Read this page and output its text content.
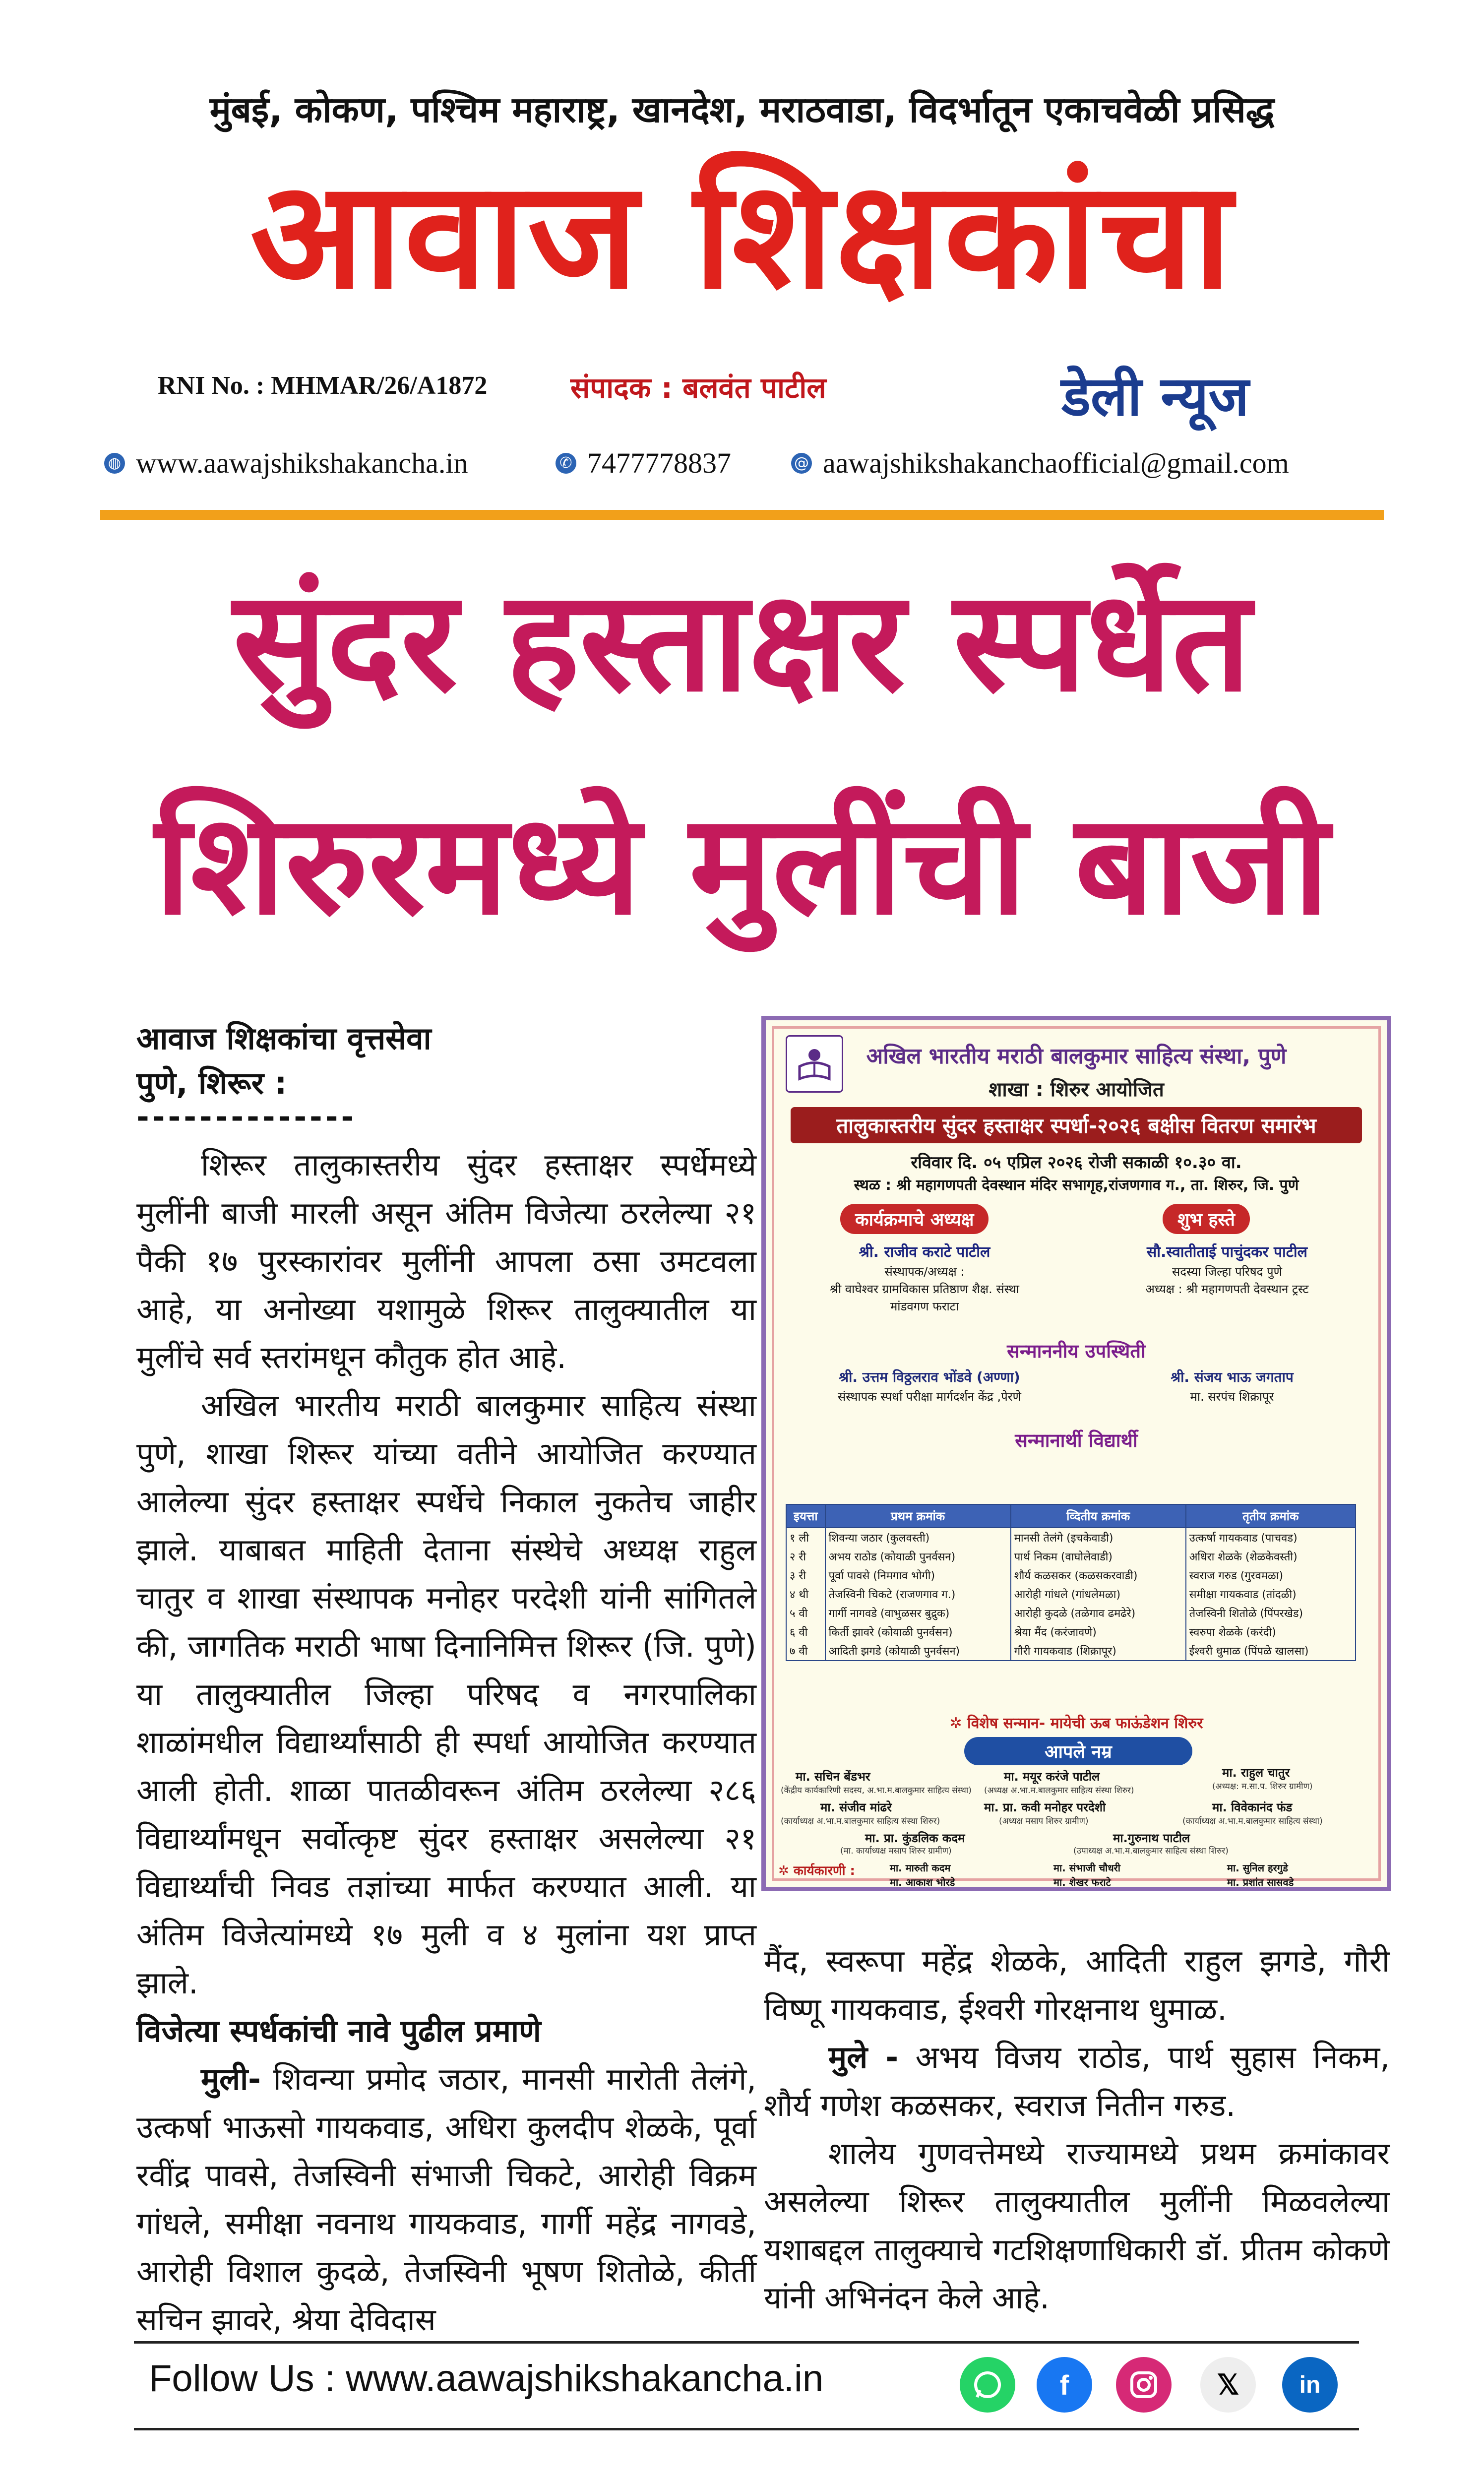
मुंबई, कोकण, पश्चिम महाराष्ट्र, खानदेश, मराठवाडा, विदर्भातून एकाचवेळी प्रसिद्ध
आवाज शिक्षकांचा
RNI No. : MHMAR/26/A1872	संपादक : बलवंत पाटील	डेली न्यूज
◍ www.aawajshikshakancha.in	✆ 7477778837	@ aawajshikshakanchaofficial@gmail.com
सुंदर हस्ताक्षर स्पर्धेत
शिरुरमध्ये मुलींची बाजी
आवाज शिक्षकांचा वृत्तसेवा
पुणे, शिरूर :
--------------

शिरूर तालुकास्तरीय सुंदर हस्ताक्षर स्पर्धेमध्ये मुलींनी बाजी मारली असून अंतिम विजेत्या ठरलेल्या २१ पैकी १७ पुरस्कारांवर मुलींनी आपला ठसा उमटवला आहे, या अनोख्या यशामुळे शिरूर तालुक्यातील या मुलींचे सर्व स्तरांमधून कौतुक होत आहे.

अखिल भारतीय मराठी बालकुमार साहित्य संस्था पुणे, शाखा शिरूर यांच्या वतीने आयोजित करण्यात आलेल्या सुंदर हस्ताक्षर स्पर्धेचे निकाल नुकतेच जाहीर झाले. याबाबत माहिती देताना संस्थेचे अध्यक्ष राहुल चातुर व शाखा संस्थापक मनोहर परदेशी यांनी सांगितले की, जागतिक मराठी भाषा दिनानिमित्त शिरूर (जि. पुणे) या तालुक्यातील जिल्हा परिषद व नगरपालिका शाळांमधील विद्यार्थ्यांसाठी ही स्पर्धा आयोजित करण्यात आली होती. शाळा पातळीवरून अंतिम ठरलेल्या २८६ विद्यार्थ्यांमधून सर्वोत्कृष्ट सुंदर हस्ताक्षर असलेल्या २१ विद्यार्थ्यांची निवड तज्ञांच्या मार्फत करण्यात आली. या अंतिम विजेत्यांमध्ये १७ मुली व ४ मुलांना यश प्राप्त झाले.

विजेत्या स्पर्धकांची नावे पुढील प्रमाणे

मुली- शिवन्या प्रमोद जठार, मानसी मारोती तेलंगे, उत्कर्षा भाऊसो गायकवाड, अधिरा कुलदीप शेळके, पूर्वा रवींद्र पावसे, तेजस्विनी संभाजी चिकटे, आरोही विक्रम गांधले, समीक्षा नवनाथ गायकवाड, गार्गी महेंद्र नागवडे, आरोही विशाल कुदळे, तेजस्विनी भूषण शितोळे, कीर्ती सचिन झावरे, श्रेया देविदास

अखिल भारतीय मराठी बालकुमार साहित्य संस्था, पुणे
शाखा : शिरुर आयोजित
तालुकास्तरीय सुंदर हस्ताक्षर स्पर्धा-२०२६ बक्षीस वितरण समारंभ
रविवार दि. ०५ एप्रिल २०२६ रोजी सकाळी १०.३० वा.
स्थळ : श्री महागणपती देवस्थान मंदिर सभागृह,रांजणगाव ग., ता. शिरुर, जि. पुणे
कार्यक्रमाचे अध्यक्ष	शुभ हस्ते
श्री. राजीव कराटे पाटील
संस्थापक/अध्यक्ष :
श्री वाघेश्वर ग्रामविकास प्रतिष्ठाण शैक्ष. संस्था
मांडवगण फराटा
सौ.स्वातीताई पाचुंदकर पाटील
सदस्या जिल्हा परिषद पुणे
अध्यक्ष : श्री महागणपती देवस्थान ट्रस्ट
सन्माननीय उपस्थिती
श्री. उत्तम विठ्ठलराव भोंडवे (अण्णा)
संस्थापक स्पर्धा परीक्षा मार्गदर्शन केंद्र ,पेरणे
श्री. संजय भाऊ जगताप
मा. सरपंच शिक्रापूर
सन्मानार्थी विद्यार्थी
इयत्ता	प्रथम क्रमांक	व्दितीय क्रमांक	तृतीय क्रमांक
१ ली	शिवन्या जठार (कुलवस्ती)	मानसी तेलंगे (इचकेवाडी)	उत्कर्षा गायकवाड (पाचवड)
२ री	अभय राठोड (कोयाळी पुनर्वसन)	पार्थ निकम (वाघोलेवाडी)	अधिरा शेळके (शेळकेवस्ती)
३ री	पूर्वा पावसे (निमगाव भोगी)	शौर्य कळसकर (कळसकरवाडी)	स्वराज गरुड (गुरवमळा)
४ थी	तेजस्विनी चिकटे (राजणगाव ग.)	आरोही गांधले (गांधलेमळा)	समीक्षा गायकवाड (तांदळी)
५ वी	गार्गी नागवडे (वाभुळसर बुद्रुक)	आरोही कुदळे (तळेगाव ढमढेरे)	तेजस्विनी शितोळे (पिंपरखेड)
६ वी	किर्ती झावरे (कोयाळी पुनर्वसन)	श्रेया मैंद (करंजावणे)	स्वरुपा शेळके (करंदी)
७ वी	आदिती झगडे (कोयाळी पुनर्वसन)	गौरी गायकवाड (शिक्रापूर)	ईश्वरी धुमाळ (पिंपळे खालसा)
✲ विशेष सन्मान- मायेची ऊब फाऊंडेशन शिरुर
आपले नम्र
मा. सचिन बेंडभर
(केंद्रीय कार्यकारिणी सदस्य, अ.भा.म.बालकुमार साहित्य संस्था)
मा. मयूर करंजे पाटील
(अध्यक्ष अ.भा.म.बालकुमार साहित्य संस्था शिरुर)
मा. राहुल चातुर
(अध्यक्ष: म.सा.प. शिरुर ग्रामीण)
मा. संजीव मांढरे
(कार्याध्यक्ष अ.भा.म.बालकुमार साहित्य संस्था शिरुर)
मा. प्रा. कवी मनोहर परदेशी
(अध्यक्ष मसाप शिरुर ग्रामीण)
मा. विवेकानंद फंड
(कार्याध्यक्ष अ.भा.म.बालकुमार साहित्य संस्था)
मा. प्रा. कुंडलिक कदम
(मा. कार्याध्यक्ष मसाप शिरुर ग्रामीण)
मा.गुरुनाथ पाटील
(उपाध्यक्ष अ.भा.म.बालकुमार साहित्य संस्था शिरुर)
✲ कार्यकारणी :	मा. मारुती कदम	मा. संभाजी चौधरी	मा. सुनिल हरगुडे
मा. आकाश भोरडे	मा. शेखर फराटे	मा. प्रशांत सासवडे

मैंद, स्वरूपा महेंद्र शेळके, आदिती राहुल झगडे, गौरी विष्णू गायकवाड, ईश्वरी गोरक्षनाथ धुमाळ.

मुले - अभय विजय राठोड, पार्थ सुहास निकम, शौर्य गणेश कळसकर, स्वराज नितीन गरुड.

शालेय गुणवत्तेमध्ये राज्यामध्ये प्रथम क्रमांकावर असलेल्या शिरूर तालुक्यातील मुलींनी मिळवलेल्या यशाबद्दल तालुक्याचे गटशिक्षणाधिकारी डॉ. प्रीतम कोकणे यांनी अभिनंदन केले आहे.

Follow Us : www.aawajshikshakancha.in	f	𝕏	in
